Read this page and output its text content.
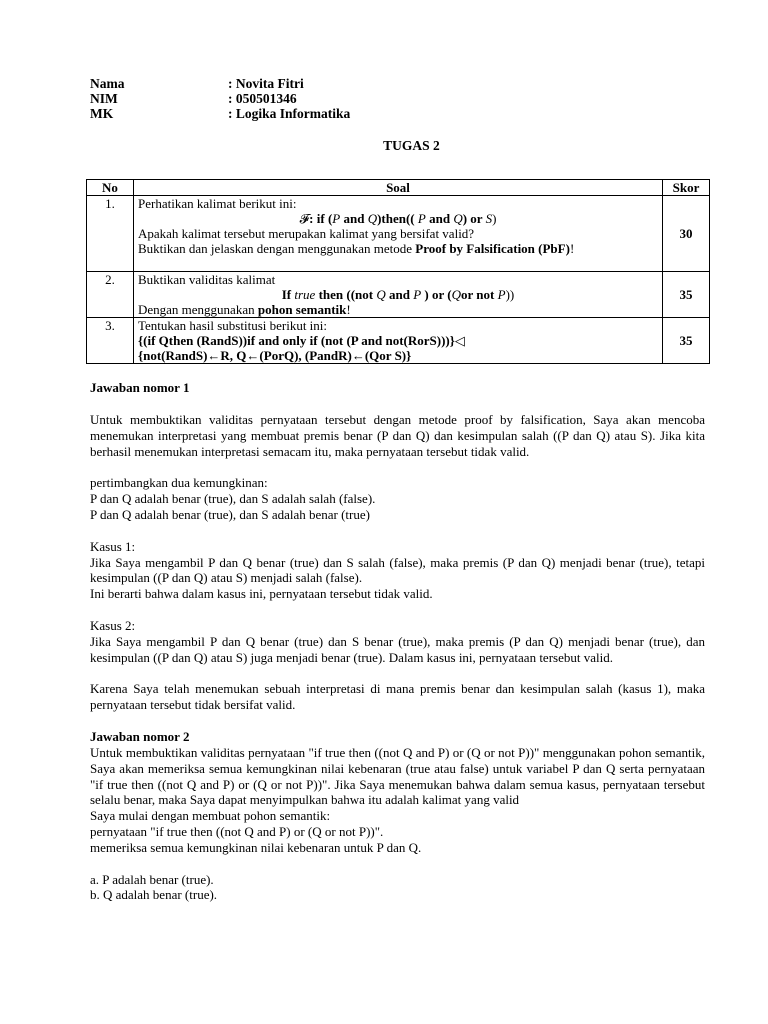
Nama	: Novita Fitri
NIM	: 050501346
MK	: Logika Informatika
TUGAS 2
No	Soal	Skor
1.	Perhatikan kalimat berikut ini:
𝓕: if (P and Q)then(( P and Q) or S)
Apakah kalimat tersebut merupakan kalimat yang bersifat valid?
Buktikan dan jelaskan dengan menggunakan metode Proof by Falsification (PbF)!	30
2.	Buktikan validitas kalimat
If true then ((not Q and P ) or (Qor not P))
Dengan menggunakan pohon semantik!	35
3.	Tentukan hasil substitusi berikut ini:
{(if Qthen (RandS))if and only if (not (P and not(RorS)))}◁
{not(RandS)←R, Q←(PorQ), (PandR)←(Qor S)}	35

Jawaban nomor 1

Untuk membuktikan validitas pernyataan tersebut dengan metode proof by falsification, Saya akan mencoba menemukan interpretasi yang membuat premis benar (P dan Q) dan kesimpulan salah ((P dan Q) atau S). Jika kita berhasil menemukan interpretasi semacam itu, maka pernyataan tersebut tidak valid.

pertimbangkan dua kemungkinan:

P dan Q adalah benar (true), dan S adalah salah (false).

P dan Q adalah benar (true), dan S adalah benar (true)

Kasus 1:

Jika Saya mengambil P dan Q benar (true) dan S salah (false), maka premis (P dan Q) menjadi benar (true), tetapi kesimpulan ((P dan Q) atau S) menjadi salah (false).

Ini berarti bahwa dalam kasus ini, pernyataan tersebut tidak valid.

Kasus 2:

Jika Saya mengambil P dan Q benar (true) dan S benar (true), maka premis (P dan Q) menjadi benar (true), dan kesimpulan ((P dan Q) atau S) juga menjadi benar (true). Dalam kasus ini, pernyataan tersebut valid.

Karena Saya telah menemukan sebuah interpretasi di mana premis benar dan kesimpulan salah (kasus 1), maka pernyataan tersebut tidak bersifat valid.

Jawaban nomor 2

Untuk membuktikan validitas pernyataan "if true then ((not Q and P) or (Q or not P))" menggunakan pohon semantik, Saya akan memeriksa semua kemungkinan nilai kebenaran (true atau false) untuk variabel P dan Q serta pernyataan "if true then ((not Q and P) or (Q or not P))". Jika Saya menemukan bahwa dalam semua kasus, pernyataan tersebut selalu benar, maka Saya dapat menyimpulkan bahwa itu adalah kalimat yang valid

Saya mulai dengan membuat pohon semantik:

pernyataan "if true then ((not Q and P) or (Q or not P))".

memeriksa semua kemungkinan nilai kebenaran untuk P dan Q.

a. P adalah benar (true).

b. Q adalah benar (true).
